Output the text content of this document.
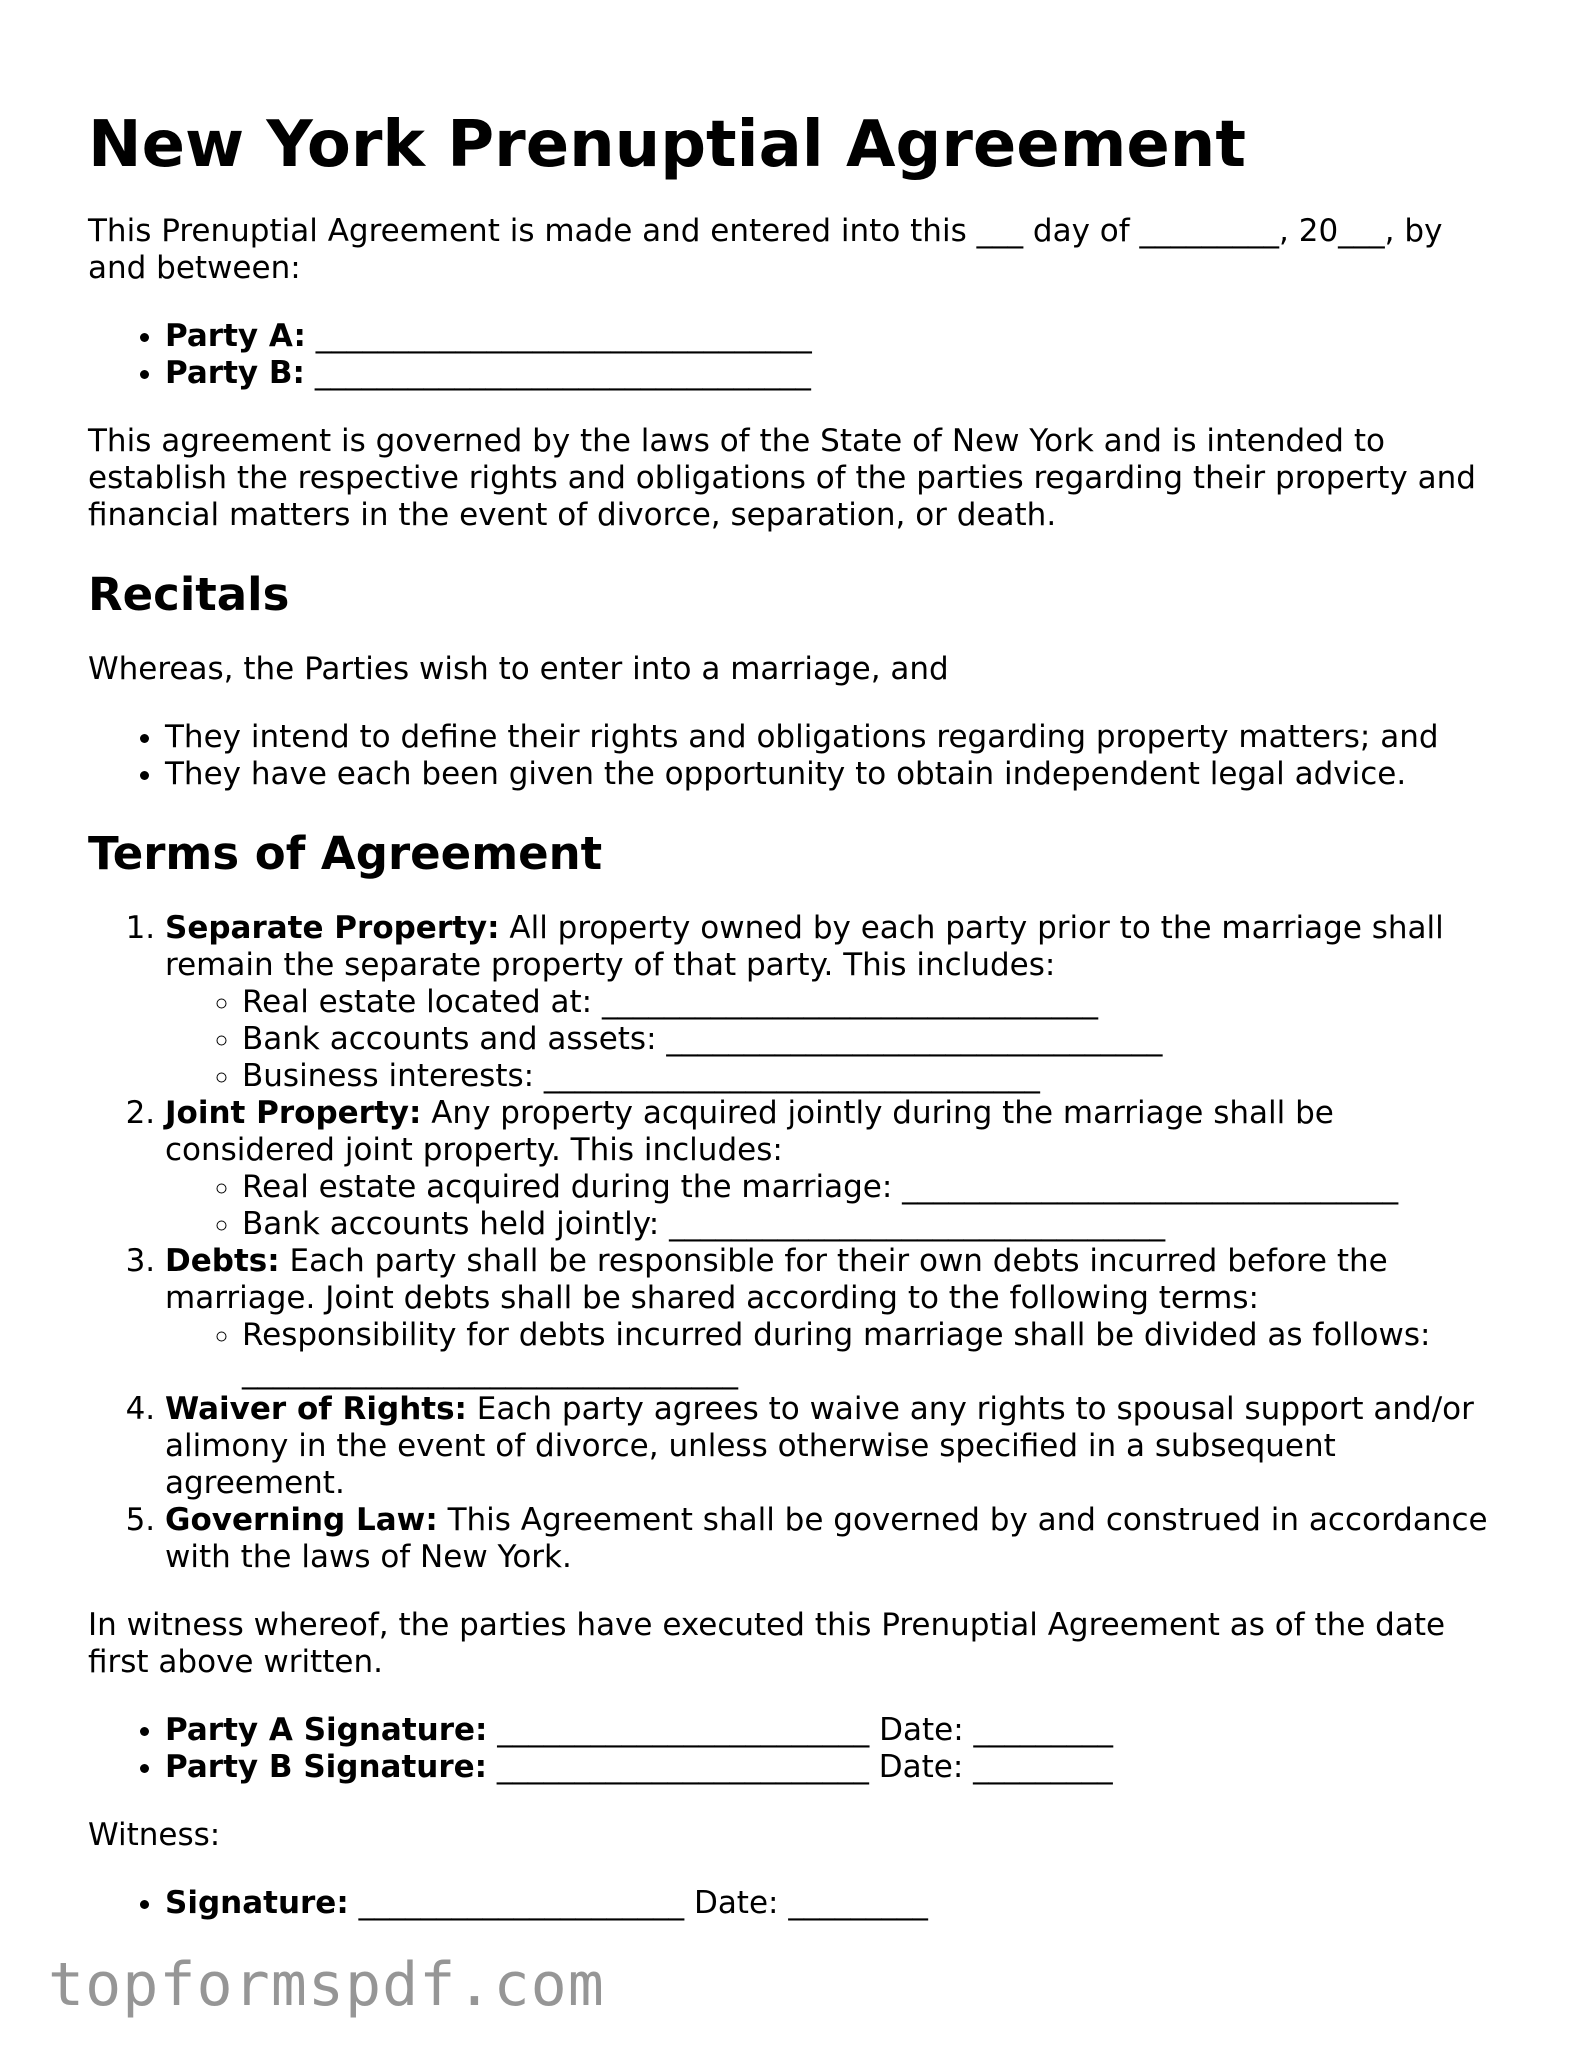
New York Prenuptial Agreement

This Prenuptial Agreement is made and entered into this ___ day of _________, 20___, by and between:

• Party A: ________________________________
• Party B: ________________________________

This agreement is governed by the laws of the State of New York and is intended to establish the respective rights and obligations of the parties regarding their property and financial matters in the event of divorce, separation, or death.

Recitals

Whereas, the Parties wish to enter into a marriage, and

• They intend to define their rights and obligations regarding property matters; and
• They have each been given the opportunity to obtain independent legal advice.
Terms of Agreement
1. Separate Property: All property owned by each party prior to the marriage shall remain the separate property of that party. This includes:
◦ Real estate located at: ________________________________
◦ Bank accounts and assets: ________________________________
◦ Business interests: ________________________________
2. Joint Property: Any property acquired jointly during the marriage shall be considered joint property. This includes:
◦ Real estate acquired during the marriage: ________________________________
◦ Bank accounts held jointly: ________________________________
3. Debts: Each party shall be responsible for their own debts incurred before the marriage. Joint debts shall be shared according to the following terms:
◦ Responsibility for debts incurred during marriage shall be divided as follows: ________________________________
4. Waiver of Rights: Each party agrees to waive any rights to spousal support and/or alimony in the event of divorce, unless otherwise specified in a subsequent agreement.
5. Governing Law: This Agreement shall be governed by and construed in accordance with the laws of New York.

In witness whereof, the parties have executed this Prenuptial Agreement as of the date first above written.

• Party A Signature: ________________________ Date: _________
• Party B Signature: ________________________ Date: _________

Witness:

• Signature: _____________________ Date: _________
topformspdf.com
